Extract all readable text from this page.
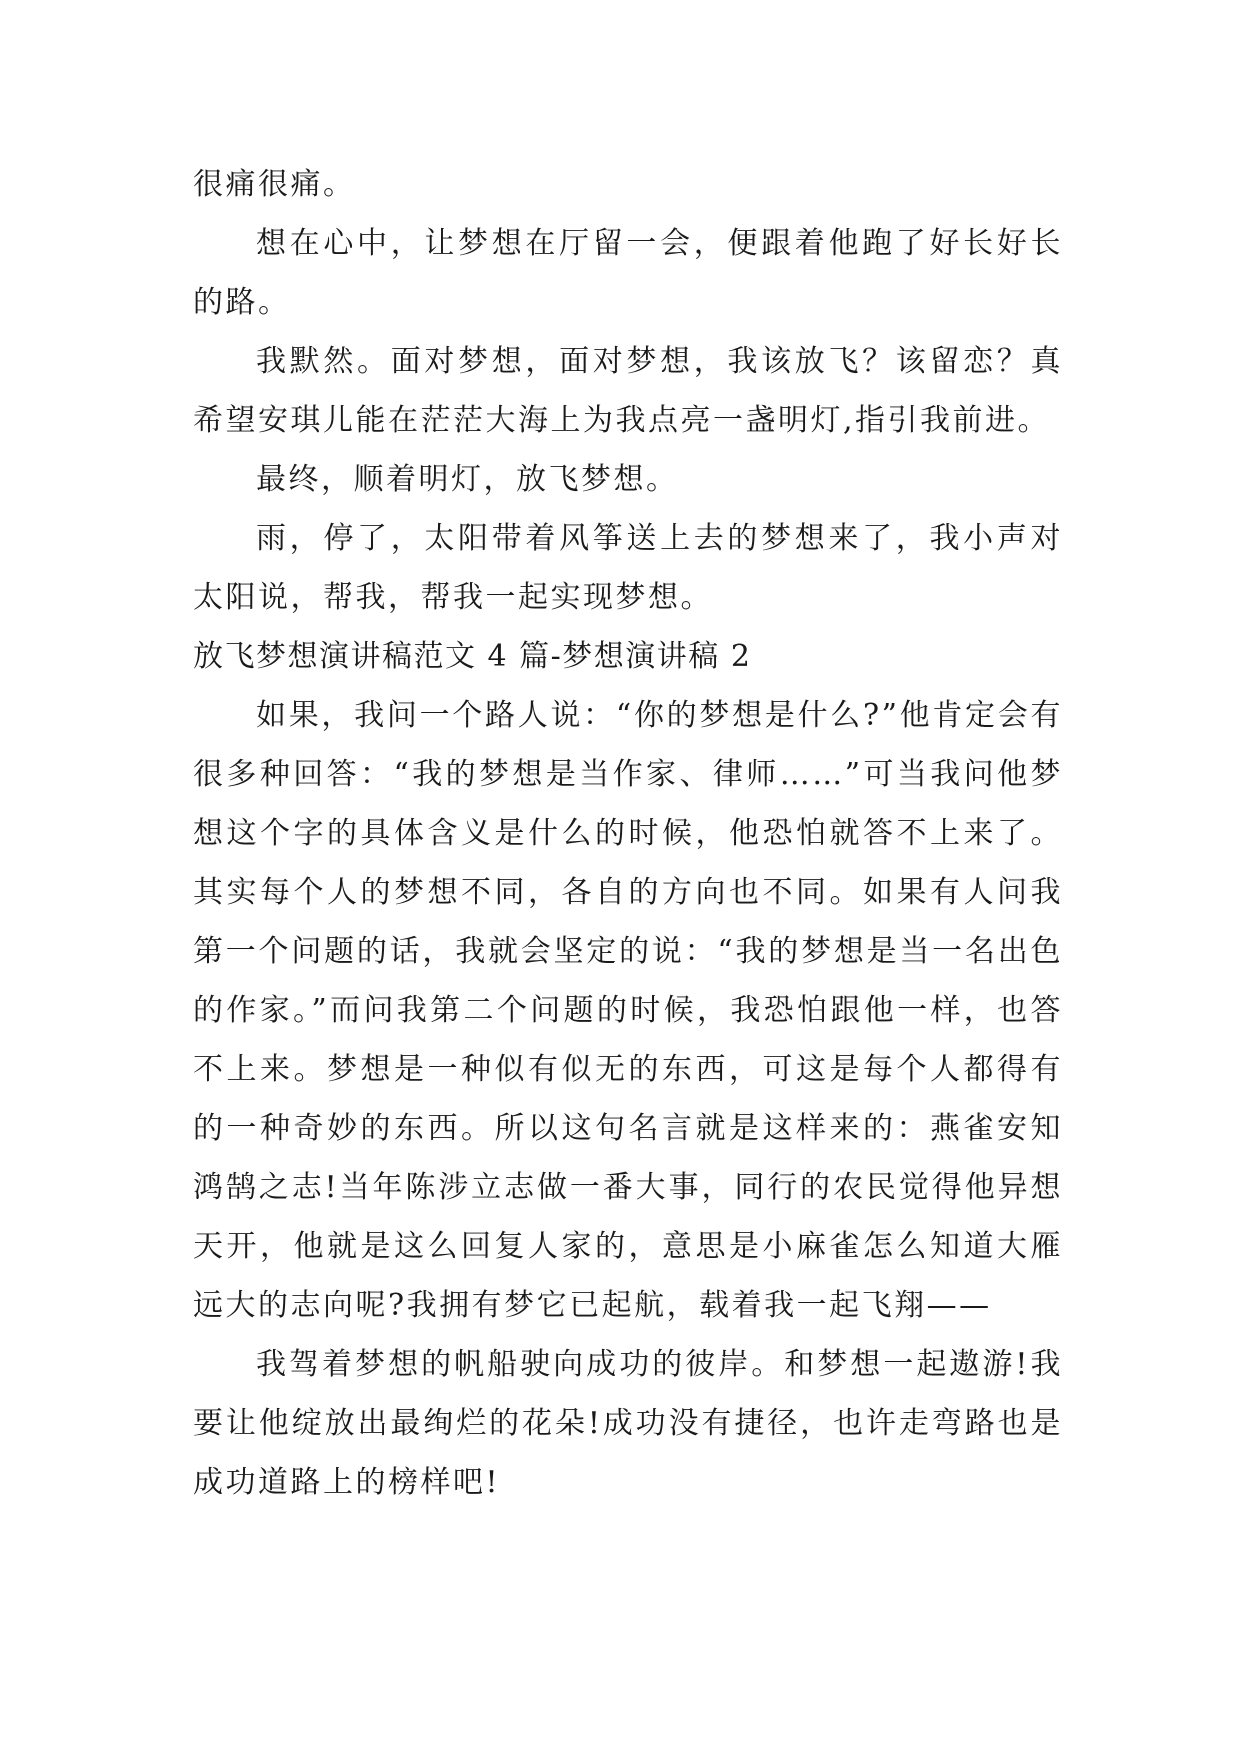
很痛很痛。

想在心中，让梦想在厅留一会，便跟着他跑了好长好长的路。

我默然。面对梦想，面对梦想，我该放飞？该留恋？真希望安琪儿能在茫茫大海上为我点亮一盏明灯,指引我前进。

最终，顺着明灯，放飞梦想。

雨，停了，太阳带着风筝送上去的梦想来了，我小声对太阳说，帮我，帮我一起实现梦想。

放飞梦想演讲稿范文 4 篇-梦想演讲稿 2

如果，我问一个路人说：“你的梦想是什么?”他肯定会有很多种回答：“我的梦想是当作家、律师……”可当我问他梦想这个字的具体含义是什么的时候，他恐怕就答不上来了。其实每个人的梦想不同，各自的方向也不同。如果有人问我第一个问题的话，我就会坚定的说：“我的梦想是当一名出色的作家。”而问我第二个问题的时候，我恐怕跟他一样，也答不上来。梦想是一种似有似无的东西，可这是每个人都得有的一种奇妙的东西。所以这句名言就是这样来的：燕雀安知鸿鹄之志!当年陈涉立志做一番大事，同行的农民觉得他异想天开，他就是这么回复人家的，意思是小麻雀怎么知道大雁远大的志向呢?我拥有梦它已起航，载着我一起飞翔——

我驾着梦想的帆船驶向成功的彼岸。和梦想一起遨游!我要让他绽放出最绚烂的花朵!成功没有捷径，也许走弯路也是成功道路上的榜样吧!
